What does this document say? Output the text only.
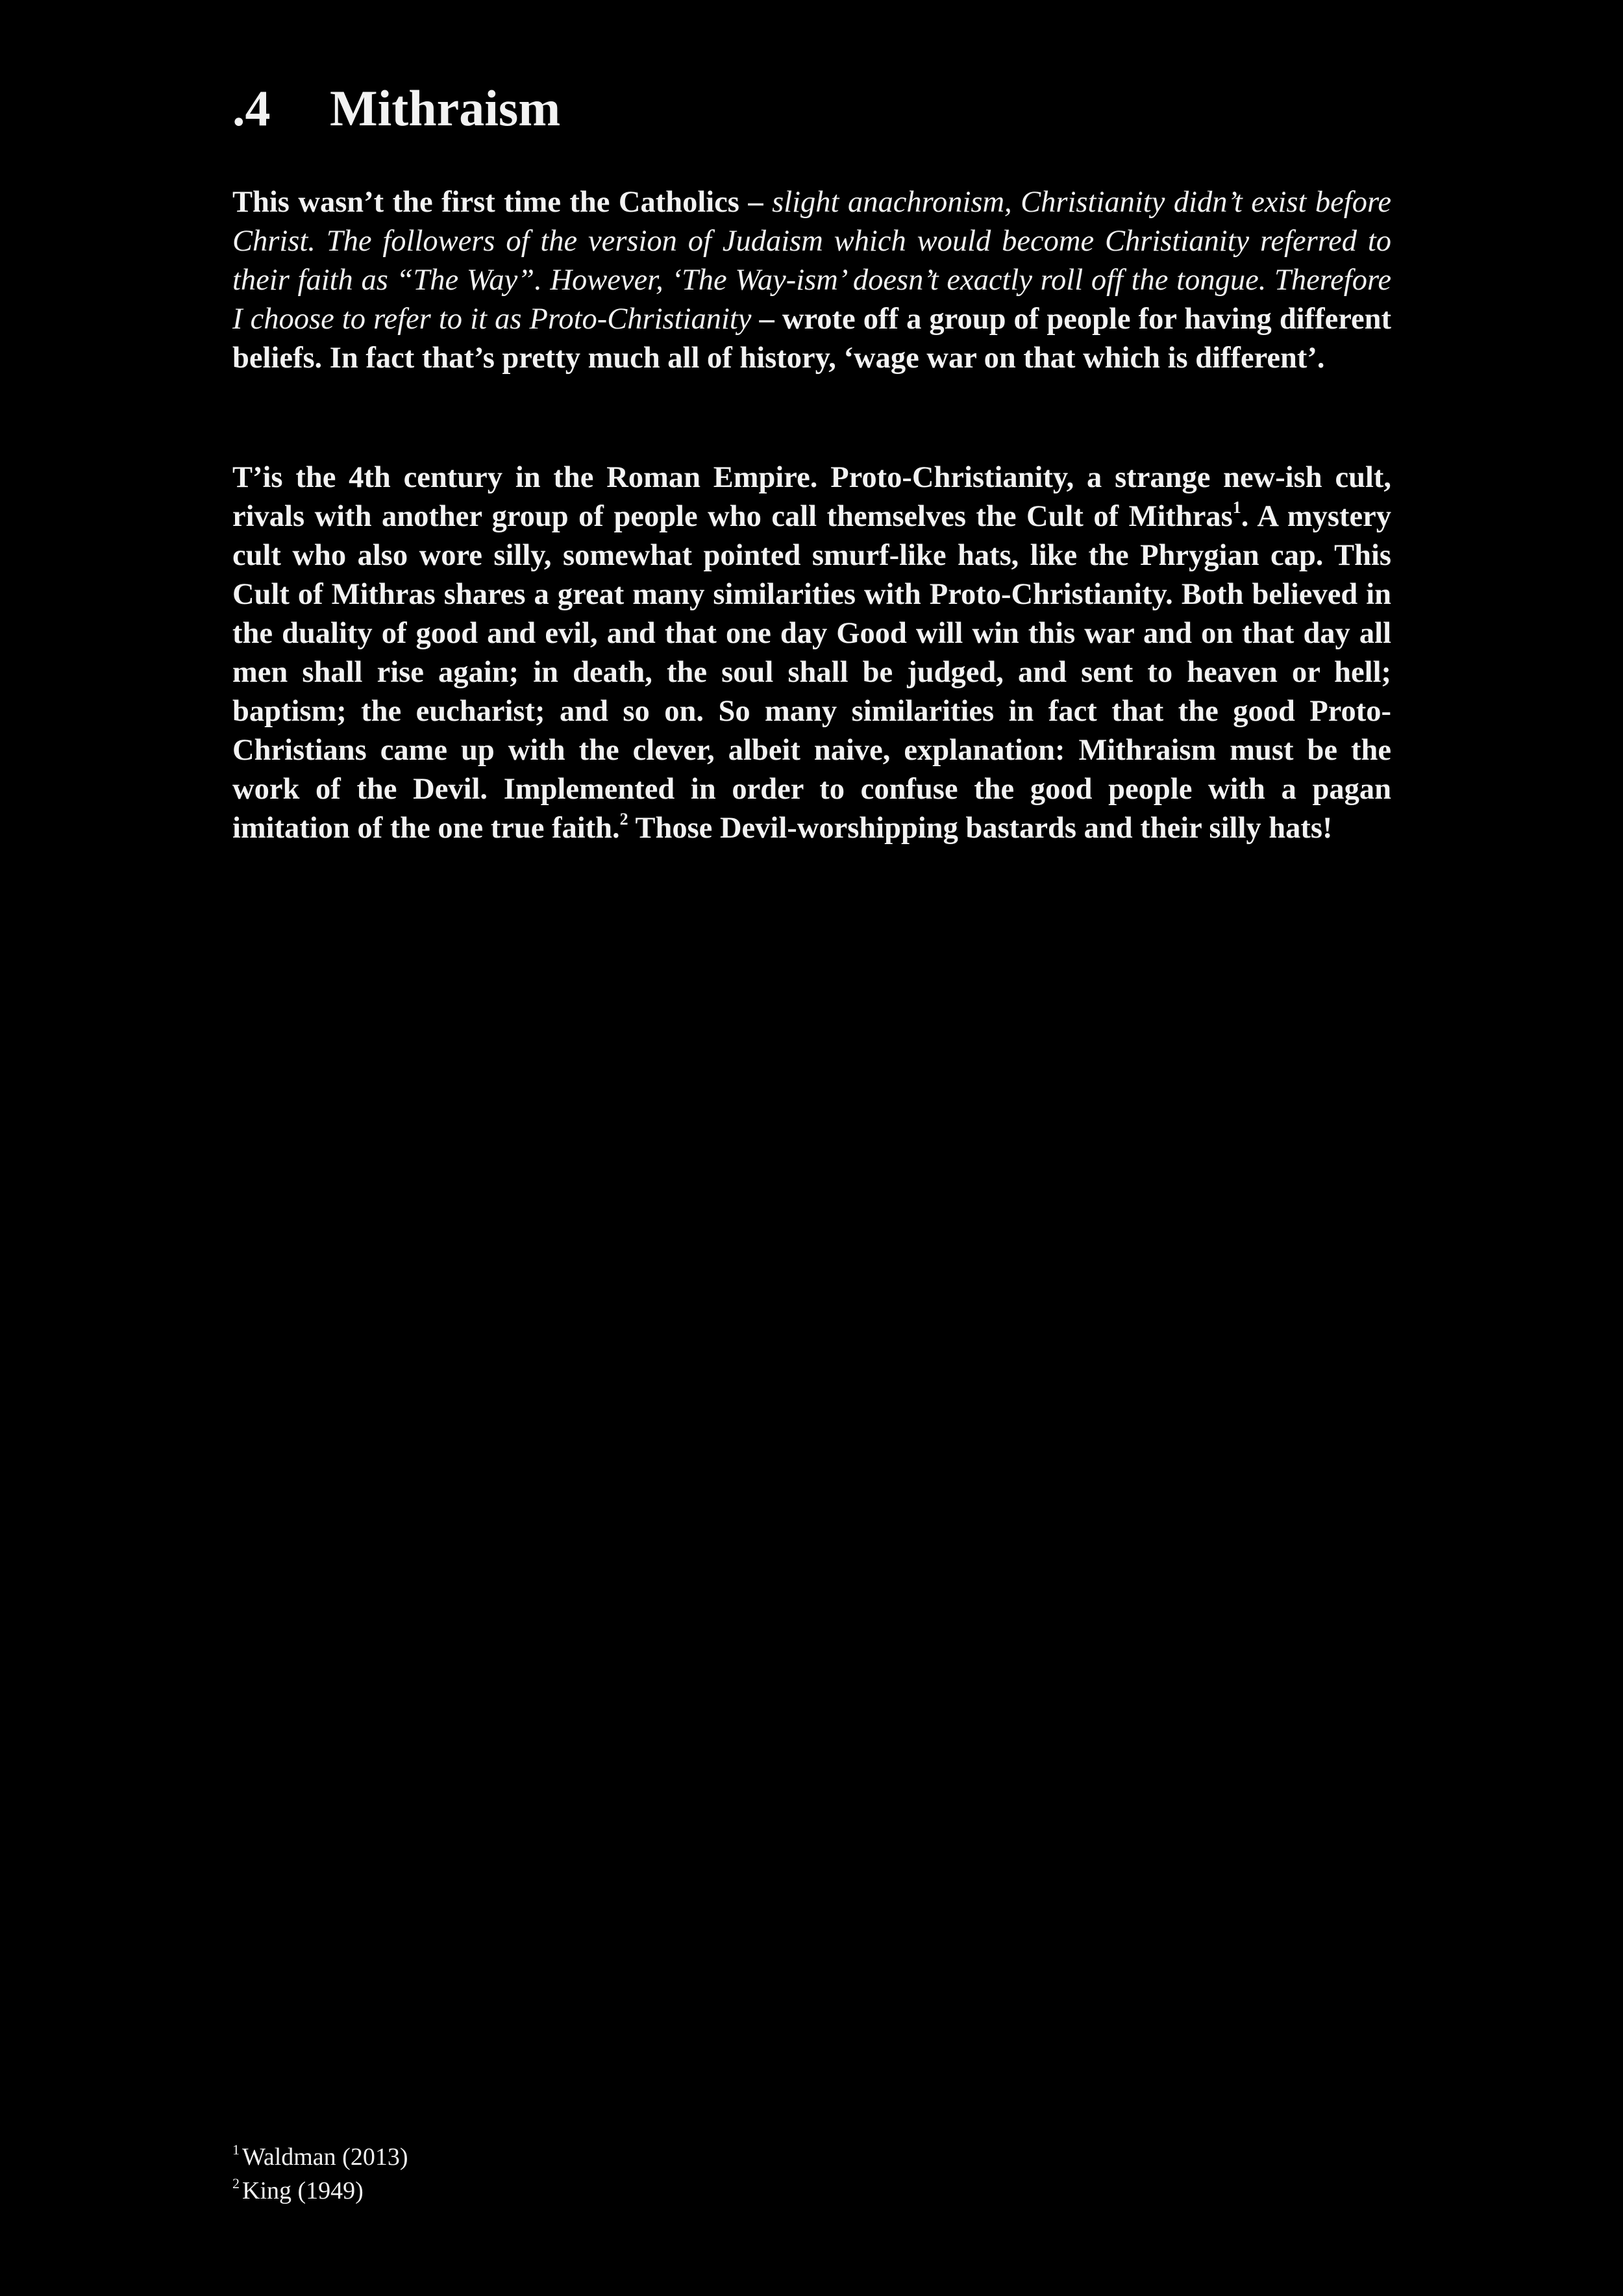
.4 Mithraism

This wasn’t the first time the Catholics – slight anachronism, Christianity didn’t exist before Christ. The followers of the version of Judaism which would become Christianity referred to their faith as “The Way”. However, ‘The Way-ism’ doesn’t exactly roll off the tongue. Therefore I choose to refer to it as Proto-Christianity – wrote off a group of people for having different beliefs. In fact that’s pretty much all of history, ‘wage war on that which is different’.

T’is the 4th century in the Roman Empire. Proto-Christianity, a strange new-ish cult, rivals with another group of people who call themselves the Cult of Mithras$^1$. A mystery cult who also wore silly, somewhat pointed smurf-like hats, like the Phrygian cap. This Cult of Mithras shares a great many similarities with Proto-Christianity. Both believed in the duality of good and evil, and that one day Good will win this war and on that day all men shall rise again; in death, the soul shall be judged, and sent to heaven or hell; baptism; the eucharist; and so on. So many similarities in fact that the good Proto-Christians came up with the clever, albeit naive, explanation: Mithraism must be the work of the Devil. Implemented in order to confuse the good people with a pagan imitation of the one true faith.$^2$ Those Devil-worshipping bastards and their silly hats!

$^1$ Waldman (2013)
$^2$ King (1949)
